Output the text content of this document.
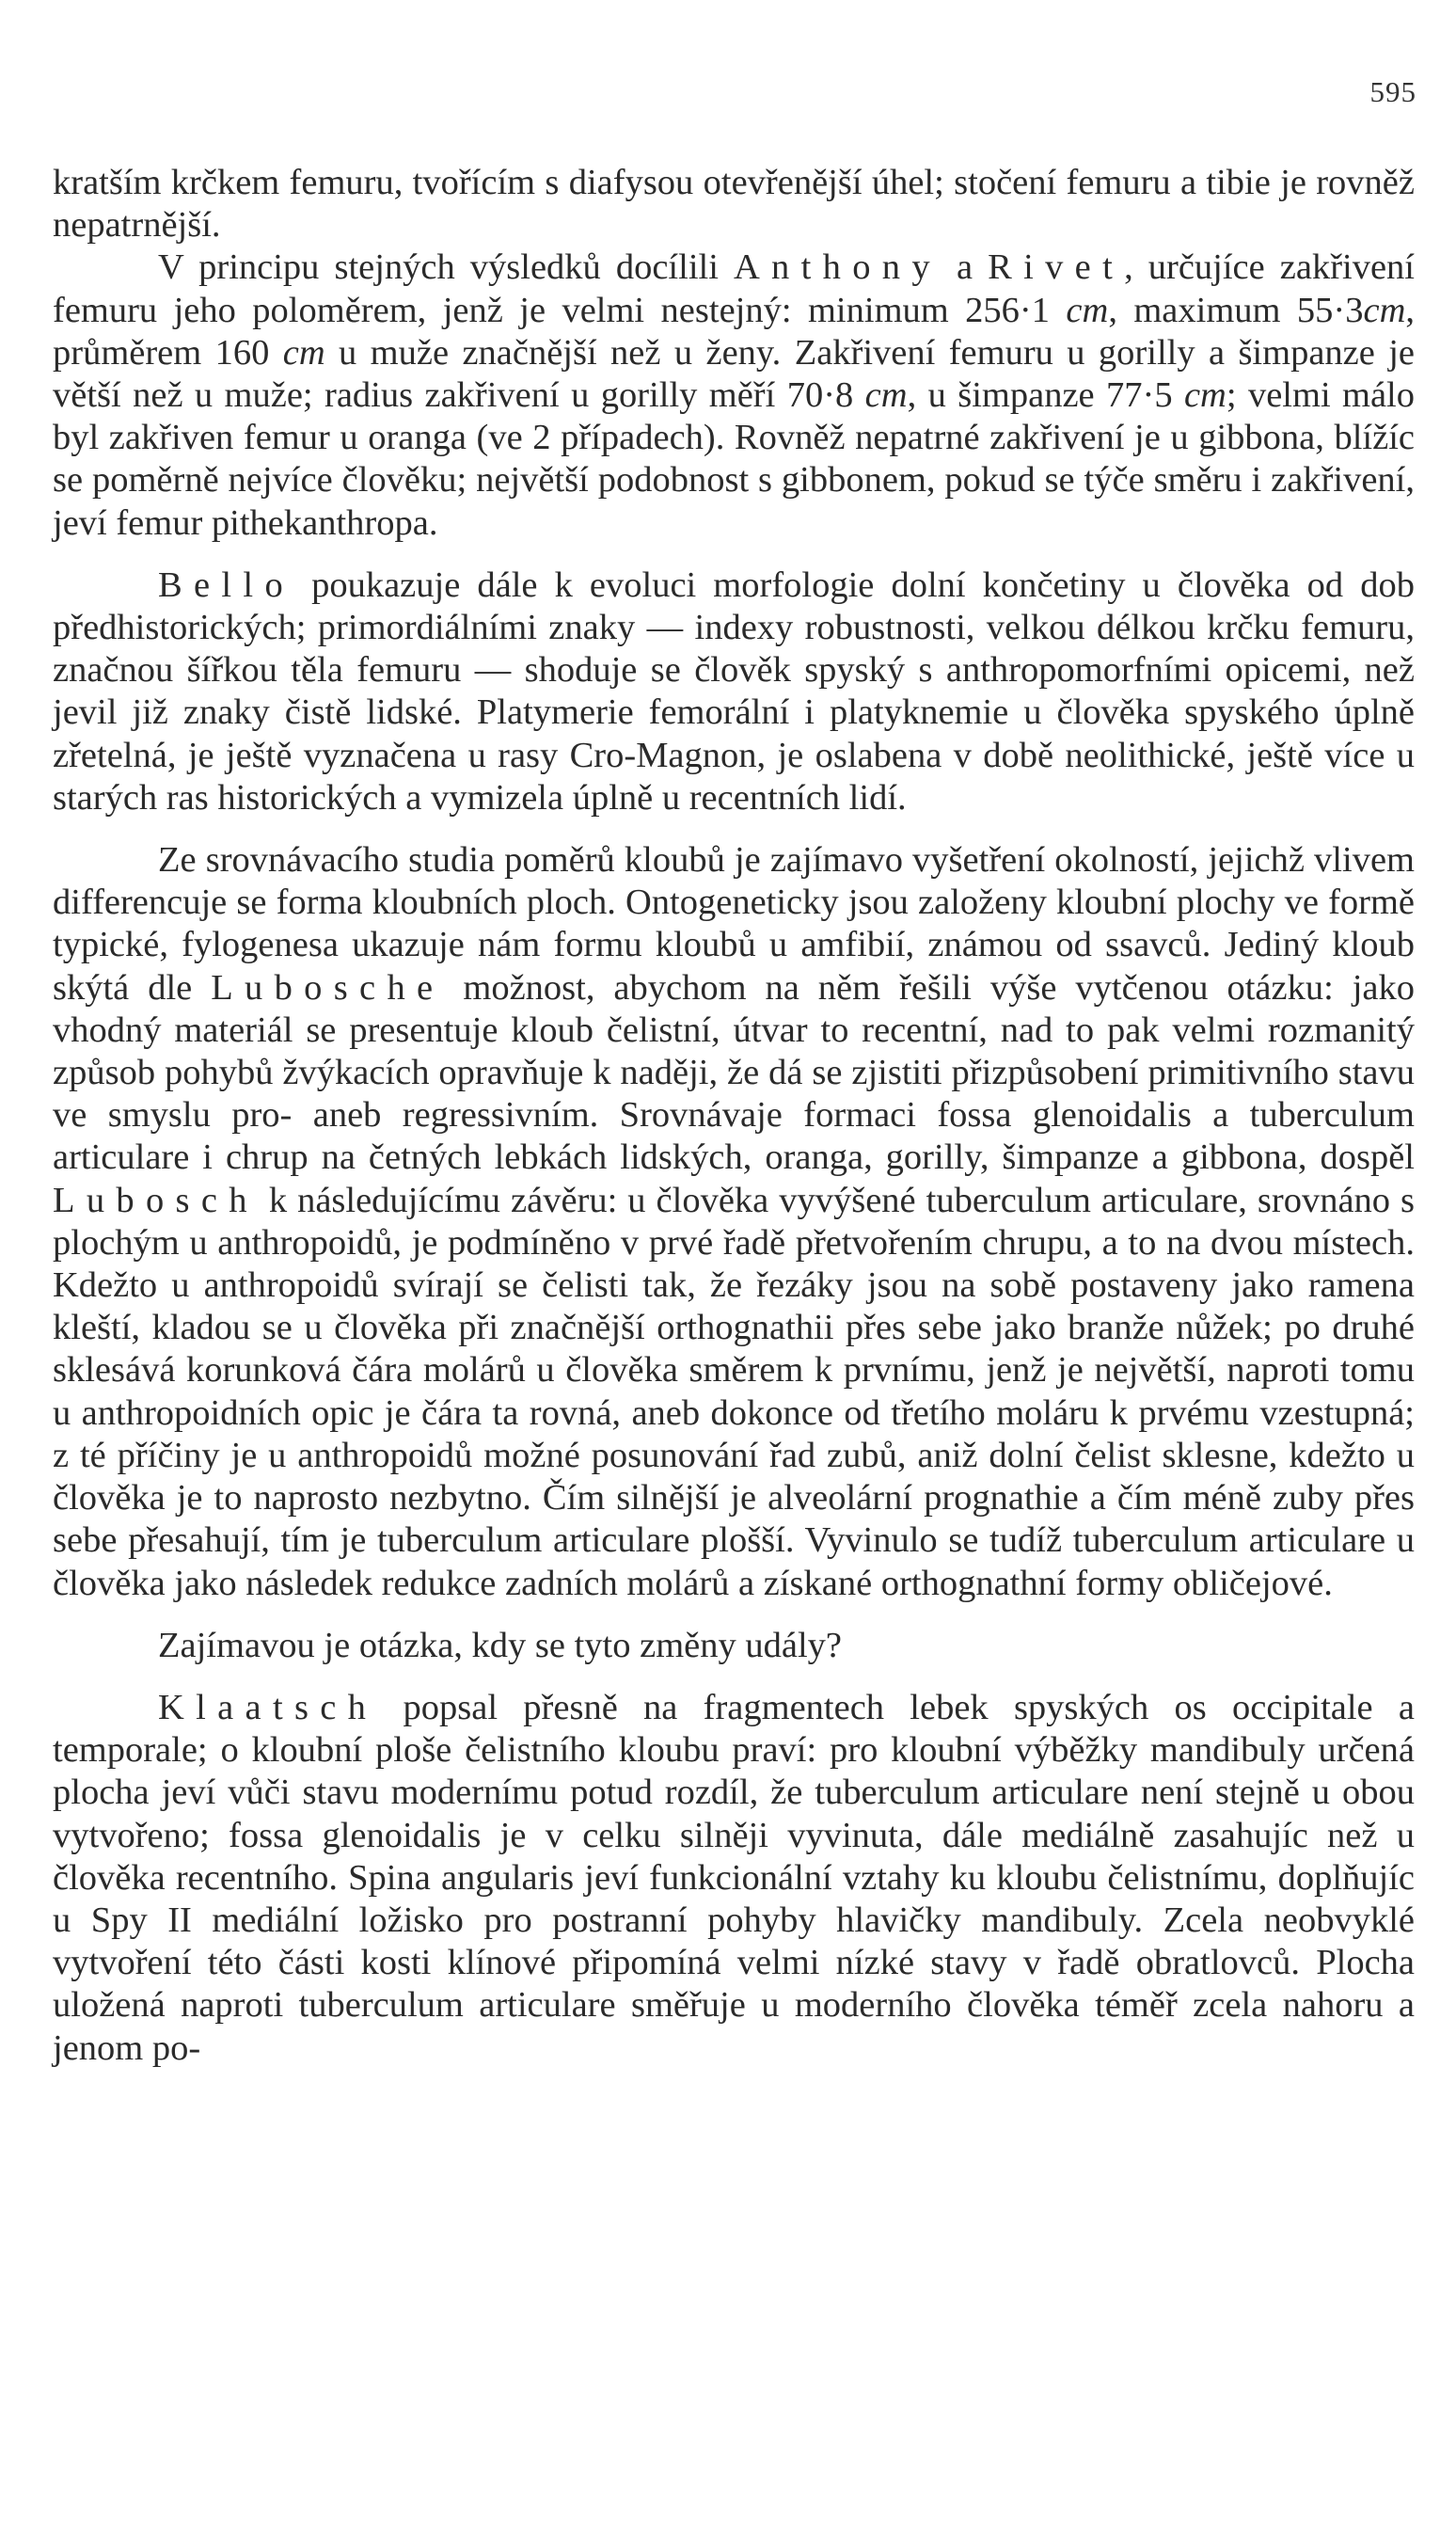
595

kratším krčkem femuru, tvořícím s diafysou otevřenější úhel; stočení femuru a tibie je rovněž nepatrnější.

V principu stejných výsledků docílili Anthony a Rivet, určujíce zakřivení femuru jeho poloměrem, jenž je velmi nestejný: minimum 256·1 cm, maximum 55·3cm, průměrem 160 cm u muže značnější než u ženy. Zakřivení femuru u gorilly a šimpanze je větší než u muže; radius zakřivení u gorilly měří 70·8 cm, u šimpanze 77·5 cm; velmi málo byl zakřiven femur u oranga (ve 2 případech). Rovněž nepatrné zakřivení je u gibbona, blížíc se poměrně nejvíce člověku; největší podobnost s gibbonem, pokud se týče směru i zakřivení, jeví femur pithekanthropa.

Bello poukazuje dále k evoluci morfologie dolní končetiny u člověka od dob předhistorických; primordiálními znaky — indexy robustnosti, velkou délkou krčku femuru, značnou šířkou těla femuru — shoduje se člověk spyský s anthropomorfními opicemi, než jevil již znaky čistě lidské. Platymerie femorální i platyknemie u člověka spyského úplně zřetelná, je ještě vyznačena u rasy Cro-Magnon, je oslabena v době neolithické, ještě více u starých ras historických a vymizela úplně u recentních lidí.

Ze srovnávacího studia poměrů kloubů je zajímavo vyšetření okolností, jejichž vlivem differencuje se forma kloubních ploch. Ontogeneticky jsou založeny kloubní plochy ve formě typické, fylogenesa ukazuje nám formu kloubů u amfibií, známou od ssavců. Jediný kloub skýtá dle Lubosche možnost, abychom na něm řešili výše vytčenou otázku: jako vhodný materiál se presentuje kloub čelistní, útvar to recentní, nad to pak velmi rozmanitý způsob pohybů žvýkacích opravňuje k naději, že dá se zjistiti přizpůsobení primitivního stavu ve smyslu pro- aneb regressivním. Srovnávaje formaci fossa glenoidalis a tuberculum articulare i chrup na četných lebkách lidských, oranga, gorilly, šimpanze a gibbona, dospěl Lubosch k následujícímu závěru: u člověka vyvýšené tuberculum articulare, srovnáno s plochým u anthropoidů, je podmíněno v prvé řadě přetvořením chrupu, a to na dvou místech. Kdežto u anthropoidů svírají se čelisti tak, že řezáky jsou na sobě postaveny jako ramena kleští, kladou se u člověka při značnější orthognathii přes sebe jako branže nůžek; po druhé sklesává korunková čára molárů u člověka směrem k prvnímu, jenž je největší, naproti tomu u anthropoidních opic je čára ta rovná, aneb dokonce od třetího moláru k prvému vzestupná; z té příčiny je u anthropoidů možné posunování řad zubů, aniž dolní čelist sklesne, kdežto u člověka je to naprosto nezbytno. Čím silnější je alveolární prognathie a čím méně zuby přes sebe přesahují, tím je tuberculum articulare plošší. Vyvinulo se tudíž tuberculum articulare u člověka jako následek redukce zadních molárů a získané orthognathní formy obličejové.

Zajímavou je otázka, kdy se tyto změny udály?

Klaatsch popsal přesně na fragmentech lebek spyských os occipitale a temporale; o kloubní ploše čelistního kloubu praví: pro kloubní výběžky mandibuly určená plocha jeví vůči stavu modernímu potud rozdíl, že tuberculum articulare není stejně u obou vytvořeno; fossa glenoidalis je v celku silněji vyvinuta, dále mediálně zasahujíc než u člověka recentního. Spina angularis jeví funkcionální vztahy ku kloubu čelistnímu, doplňujíc u Spy II mediální ložisko pro postranní pohyby hlavičky mandibuly. Zcela neobvyklé vytvoření této části kosti klínové připomíná velmi nízké stavy v řadě obratlovců. Plocha uložená naproti tuberculum articulare směřuje u moderního člověka téměř zcela nahoru a jenom po-
